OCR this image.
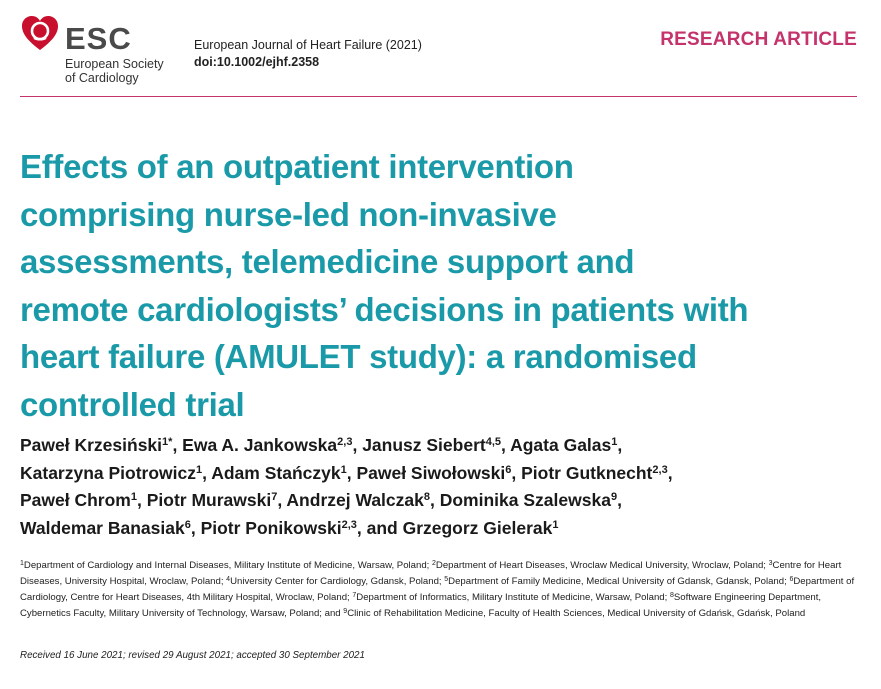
ESC
European Society
of Cardiology
European Journal of Heart Failure (2021)
doi:10.1002/ejhf.2358
RESEARCH ARTICLE
Effects of an outpatient intervention
comprising nurse-led non-invasive
assessments, telemedicine support and
remote cardiologists’ decisions in patients with
heart failure (AMULET study): a randomised
controlled trial

Paweł Krzesiński$^{1*}$, Ewa A. Jankowska$^{2,3}$, Janusz Siebert$^{4,5}$, Agata Galas$^1$,
Katarzyna Piotrowicz$^1$, Adam Stańczyk$^1$, Paweł Siwołowski$^6$, Piotr Gutknecht$^{2,3}$,
Paweł Chrom$^1$, Piotr Murawski$^7$, Andrzej Walczak$^8$, Dominika Szalewska$^9$,
Waldemar Banasiak$^6$, Piotr Ponikowski$^{2,3}$, and Grzegorz Gielerak$^1$

$^1$Department of Cardiology and Internal Diseases, Military Institute of Medicine, Warsaw, Poland; $^2$Department of Heart Diseases, Wroclaw Medical University, Wroclaw, Poland; $^3$Centre for Heart Diseases, University Hospital, Wroclaw, Poland; $^4$University Center for Cardiology, Gdansk, Poland; $^5$Department of Family Medicine, Medical University of Gdansk, Gdansk, Poland; $^6$Department of Cardiology, Centre for Heart Diseases, 4th Military Hospital, Wroclaw, Poland; $^7$Department of Informatics, Military Institute of Medicine, Warsaw, Poland; $^8$Software Engineering Department, Cybernetics Faculty, Military University of Technology, Warsaw, Poland; and $^9$Clinic of Rehabilitation Medicine, Faculty of Health Sciences, Medical University of Gdańsk, Gdańsk, Poland

Received 16 June 2021; revised 29 August 2021; accepted 30 September 2021
